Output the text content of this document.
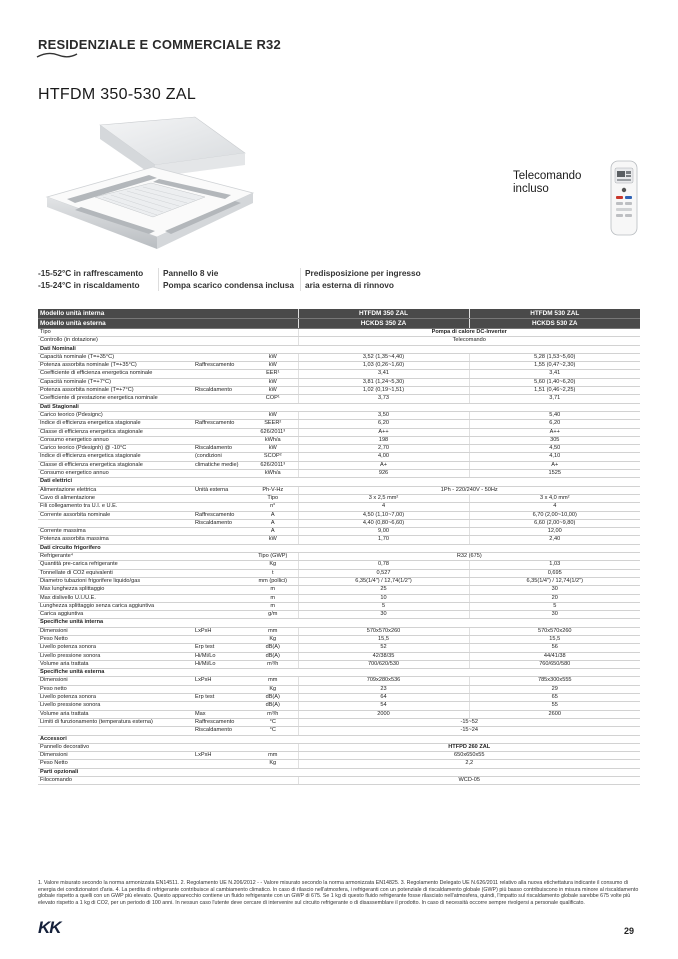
RESIDENZIALE E COMMERCIALE R32
HTFDM 350-530 ZAL
Telecomando
incluso
-15-52°C in raffrescamento
-15-24°C in riscaldamento
Pannello 8 vie
Pompa scarico condensa inclusa
Predisposizione per ingresso
aria esterna di rinnovo
Modello unità interna			HTFDM 350 ZAL	HTFDM 530 ZAL
Modello unità esterna			HCKDS 350 ZA	HCKDS 530 ZA
Tipo			Pompa di calore DC-Inverter	
Controllo (in dotazione)			Telecomando	
Dati Nominali				
Capacità nominale (T=+35°C)		kW	3,52 (1,35~4,40)	5,28 (1,53~5,60)
Potenza assorbita nominale (T=+35°C)	Raffrescamento	kW	1,03 (0,26~1,60)	1,55 (0,47~2,30)
Coefficiente di efficienza energetica nominale		EER¹	3,41	3,41
Capacità nominale (T=+7°C)		kW	3,81 (1,24~5,30)	5,60 (1,40~6,20)
Potenza assorbita nominale (T=+7°C)	Riscaldamento	kW	1,02 (0,19~1,51)	1,51 (0,46~2,25)
Coefficiente di prestazione energetica nominale		COP¹	3,73	3,71
Dati Stagionali				
Carico teorico (Pdesignc)		kW	3,50	5,40
Indice di efficienza energetica stagionale	Raffrescamento	SEER²	6,20	6,20
Classe di efficienza energetica stagionale		626/2011³	A++	A++
Consumo energetico annuo		kWh/a	198	305
Carico teorico (Pdesignh) @ -10°C	Riscaldamento	kW	2,70	4,50
Indice di efficienza energetica stagionale	(condizioni	SCOP²	4,00	4,10
Classe di efficienza energetica stagionale	climatiche medie)	626/2011³	A+	A+
Consumo energetico annuo		kWh/a	926	1525
Dati elettrici				
Alimentazione elettrica	Unità esterna	Ph-V-Hz	1Ph - 220/240V - 50Hz	
Cavo di alimentazione		Tipo	3 x 2,5 mm²	3 x 4,0 mm²
Fili collegamento tra U.I. e U.E.		n°	4	4
Corrente assorbita nominale	Raffrescamento	A	4,50 (1,10~7,00)	6,70 (2,00~10,00)
	Riscaldamento	A	4,40 (0,80~6,60)	6,60 (2,00~9,80)
Corrente massima		A	9,00	12,00
Potenza assorbita massima		kW	1,70	2,40
Dati circuito frigorifero				
Refrigerante⁴		Tipo (GWP)	R32 (675)	
Quantità pre-carica refrigerante		Kg	0,78	1,03
Tonnellate di CO2 equivalenti		t	0,527	0,695
Diametro tubazioni frigorifere liquido/gas		mm (pollici)	6,35(1/4") / 12,74(1/2")	6,35(1/4") / 12,74(1/2")
Max lunghezza splittaggio		m	25	30
Max dislivello U.I./U.E.		m	10	20
Lunghezza splittaggio senza carica aggiuntiva		m	5	5
Carica aggiuntiva		g/m	30	30
Specifiche unità interna				
Dimensioni	LxPxH	mm	570x570x260	570x570x260
Peso Netto		Kg	15,5	15,5
Livello potenza sonora	Erp test	dB(A)	52	56
Livello pressione sonora	Hi/Mi/Lo	dB(A)	42/38/35	44/41/38
Volume aria trattata	Hi/Mi/Lo	m³/h	700/620/530	760/650/580
Specifiche unità esterna				
Dimensioni	LxPxH	mm	709x280x536	785x300x555
Peso netto		Kg	23	29
Livello potenza sonora	Erp test	dB(A)	64	65
Livello pressione sonora		dB(A)	54	55
Volume aria trattata	Max	m³/h	2000	2600
Limiti di funzionamento (temperatura esterna)	Raffrescamento	°C	-15~52	
	Riscaldamento	°C	-15~24	
Accessori				
Pannello decorativo			HTFPD 260 ZAL	
Dimensioni	LxPxH	mm	650x650x55	
Peso Netto		Kg	2,2	
Parti opzionali				
Filocomando			WCD-05	
1. Valore misurato secondo la norma armonizzata EN14511. 2. Regolamento UE N.206/2012 - - Valore misurato secondo la norma armonizzata EN14825. 3. Regolamento Delegato UE N.626/2011 relativo alla nuova etichettatura indicante il consumo di energia dei condizionatori d'aria. 4. La perdita di refrigerante contribuisce al cambiamento climatico. In caso di rilascio nell'atmosfera, i refrigeranti con un potenziale di riscaldamento globale (GWP) più basso contribuiscono in misura minore al riscaldamento globale rispetto a quelli con un GWP più elevato. Questo apparecchio contiene un fluido refrigerante con un GWP di 675. Se 1 kg di questo fluido refrigerante fosse rilasciato nell'atmosfera, quindi, l'impatto sul riscaldamento globale sarebbe 675 volte più elevato rispetto a 1 kg di CO2, per un periodo di 100 anni. In nessun caso l'utente deve cercare di intervenire sul circuito refrigerante o di disassemblare il prodotto. In caso di necessità occorre sempre rivolgersi a personale qualificato.
KK	29
